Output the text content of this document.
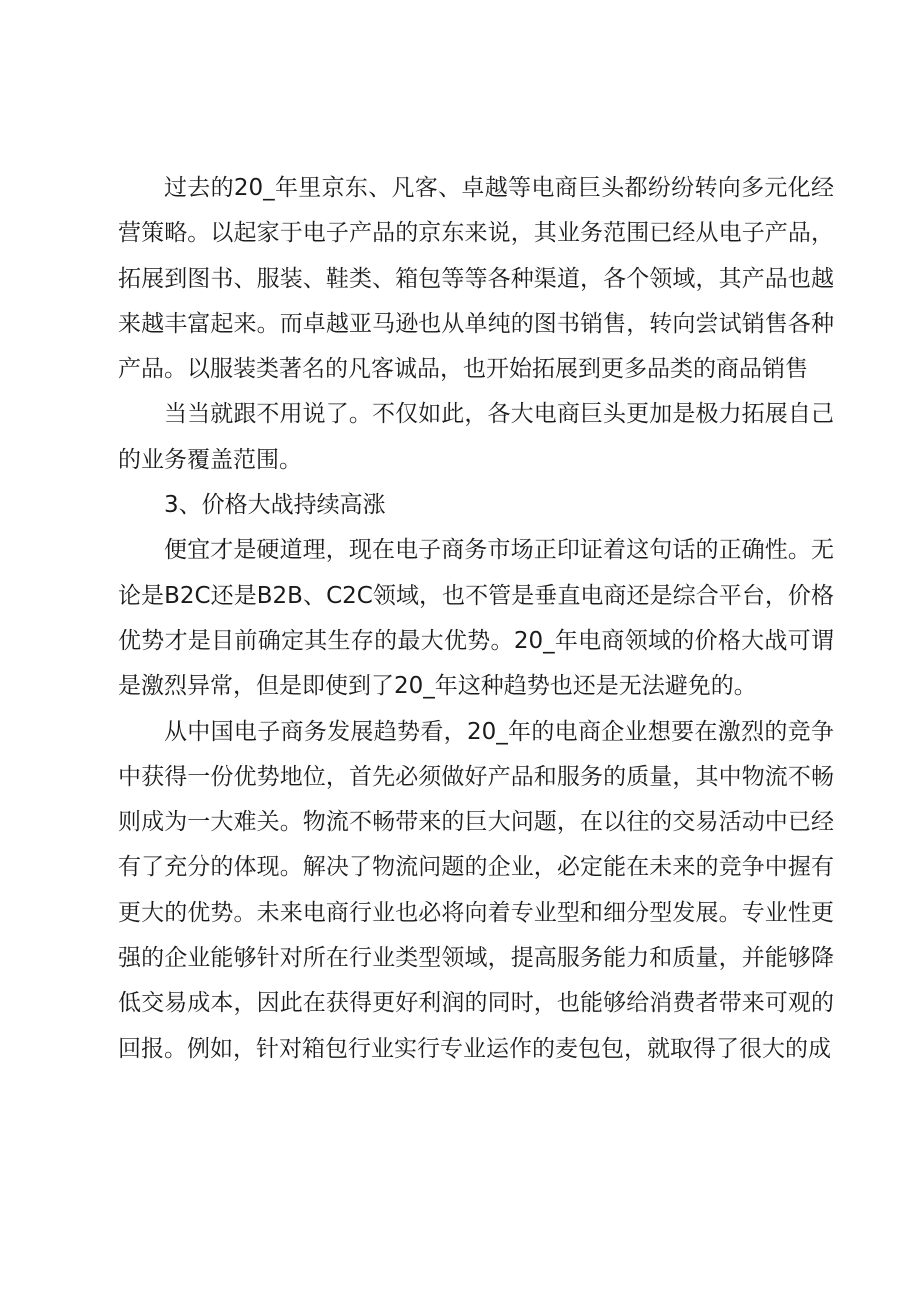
过去的20_年里京东、凡客、卓越等电商巨头都纷纷转向多元化经营策略。以起家于电子产品的京东来说，其业务范围已经从电子产品，拓展到图书、服装、鞋类、箱包等等各种渠道，各个领域，其产品也越来越丰富起来。而卓越亚马逊也从单纯的图书销售，转向尝试销售各种产品。以服装类著名的凡客诚品，也开始拓展到更多品类的商品销售

当当就跟不用说了。不仅如此，各大电商巨头更加是极力拓展自己的业务覆盖范围。

3、价格大战持续高涨

便宜才是硬道理，现在电子商务市场正印证着这句话的正确性。无论是B2C还是B2B、C2C领域，也不管是垂直电商还是综合平台，价格优势才是目前确定其生存的最大优势。20_年电商领域的价格大战可谓是激烈异常，但是即使到了20_年这种趋势也还是无法避免的。

从中国电子商务发展趋势看，20_年的电商企业想要在激烈的竞争中获得一份优势地位，首先必须做好产品和服务的质量，其中物流不畅则成为一大难关。物流不畅带来的巨大问题，在以往的交易活动中已经有了充分的体现。解决了物流问题的企业，必定能在未来的竞争中握有更大的优势。未来电商行业也必将向着专业型和细分型发展。专业性更强的企业能够针对所在行业类型领域，提高服务能力和质量，并能够降低交易成本，因此在获得更好利润的同时，也能够给消费者带来可观的回报。例如，针对箱包行业实行专业运作的麦包包，就取得了很大的成
